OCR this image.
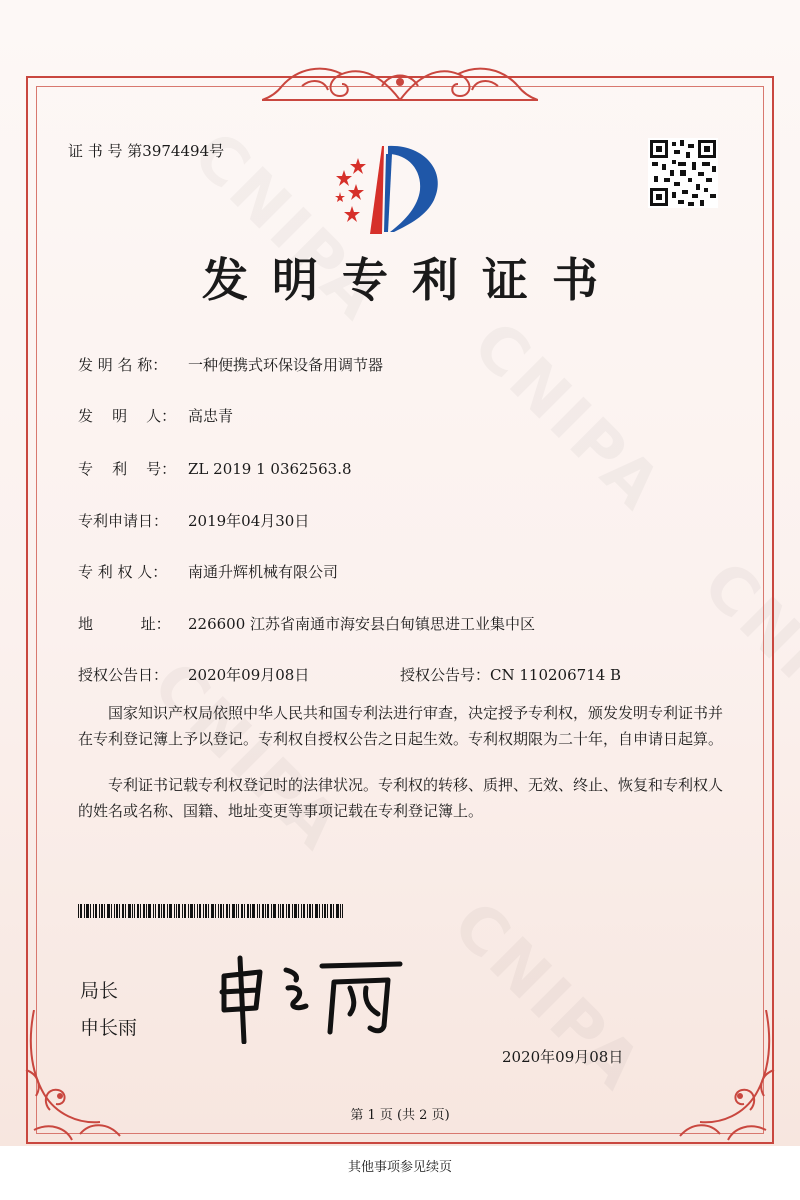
证 书 号 第3974494号
发明专利证书
发 明 名 称： 一种便携式环保设备用调节器
发    明    人： 高忠青
专    利    号： ZL 2019 1 0362563.8
专利申请日： 2019年04月30日
专 利 权 人： 南通升辉机械有限公司
地          址： 226600 江苏省南通市海安县白甸镇思进工业集中区
授权公告日： 2020年09月08日	授权公告号：CN 110206714 B
国家知识产权局依照中华人民共和国专利法进行审查，决定授予专利权，颁发发明专利证书并在专利登记簿上予以登记。专利权自授权公告之日起生效。专利权期限为二十年，自申请日起算。
专利证书记载专利权登记时的法律状况。专利权的转移、质押、无效、终止、恢复和专利权人的姓名或名称、国籍、地址变更等事项记载在专利登记簿上。
局长
申长雨
2020年09月08日
第 1 页 (共 2 页)
其他事项参见续页
